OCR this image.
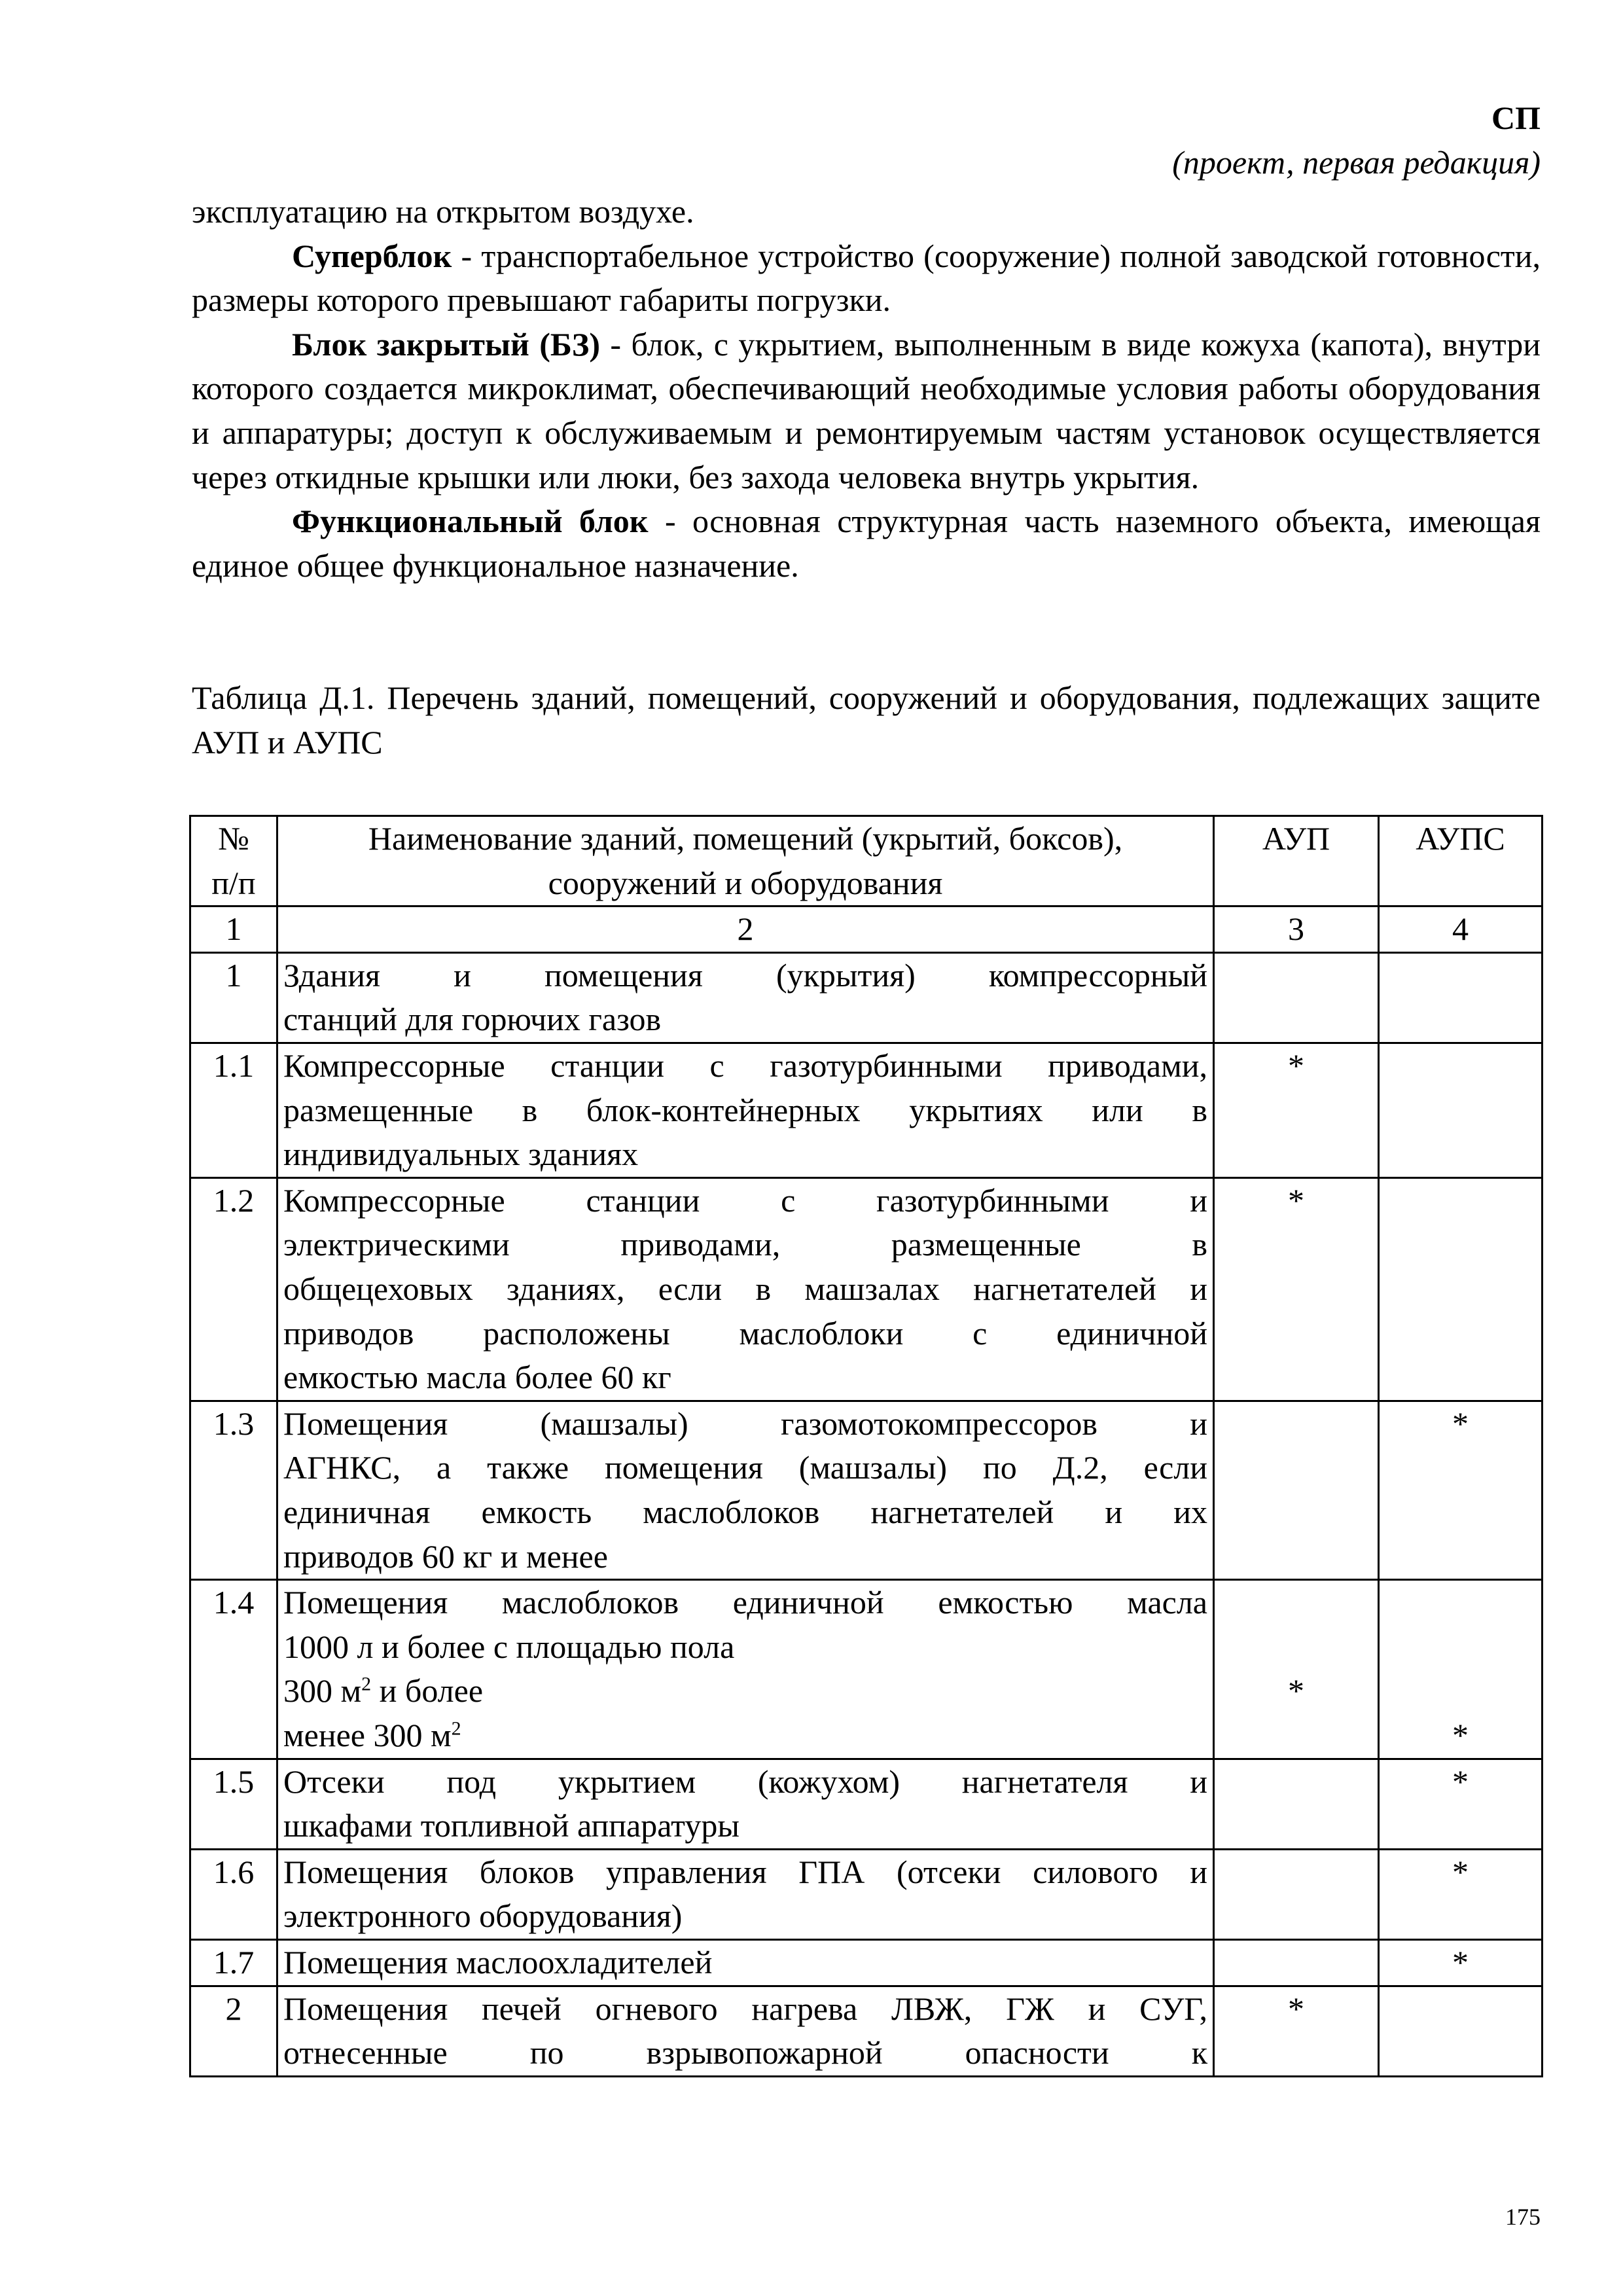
СП
(проект, первая редакция)

эксплуатацию на открытом воздухе.

Суперблок - транспортабельное устройство (сооружение) полной заводской готовности, размеры которого превышают габариты погрузки.

Блок закрытый (БЗ) - блок, с укрытием, выполненным в виде кожуха (капота), внутри которого создается микроклимат, обеспечивающий необходимые условия работы оборудования и аппаратуры; доступ к обслуживаемым и ремонтируемым частям установок осуществляется через откидные крышки или люки, без захода человека внутрь укрытия.

Функциональный блок - основная структурная часть наземного объекта, имеющая единое общее функциональное назначение.

Таблица Д.1. Перечень зданий, помещений, сооружений и оборудования, подлежащих защите АУП и АУПС

№
п/п	Наименование зданий, помещений (укрытий, боксов), сооружений и оборудования	АУП	АУПС
1	2	3	4
1	Здания и помещения (укрытия) компрессорный
станций для горючих газов		

1.1	Компрессорные станции с газотурбинными приводами,
размещенные в блок-контейнерных укрытиях или в
индивидуальных зданиях	*	
1.2	Компрессорные станции с газотурбинными и
электрическими приводами, размещенные в
общецеховых зданиях, если в машзалах нагнетателей и
приводов расположены маслоблоки с единичной
емкостью масла более 60 кг	*	
1.3	Помещения (машзалы) газомотокомпрессоров и
АГНКС, а также помещения (машзалы) по Д.2, если
единичная емкость маслоблоков нагнетателей и их
приводов 60 кг и менее		*
1.4	Помещения маслоблоков единичной емкостью масла
1000 л и более с площадью пола
300 $м^2$ и более
менее 300 $м^2$	*	*
1.5	Отсеки под укрытием (кожухом) нагнетателя и
шкафами топливной аппаратуры		*
1.6	Помещения блоков управления ГПА (отсеки силового и
электронного оборудования)		*
1.7	Помещения маслоохладителей		*
2	Помещения печей огневого нагрева ЛВЖ, ГЖ и СУГ,
отнесенные по взрывопожарной опасности к	*	
175
